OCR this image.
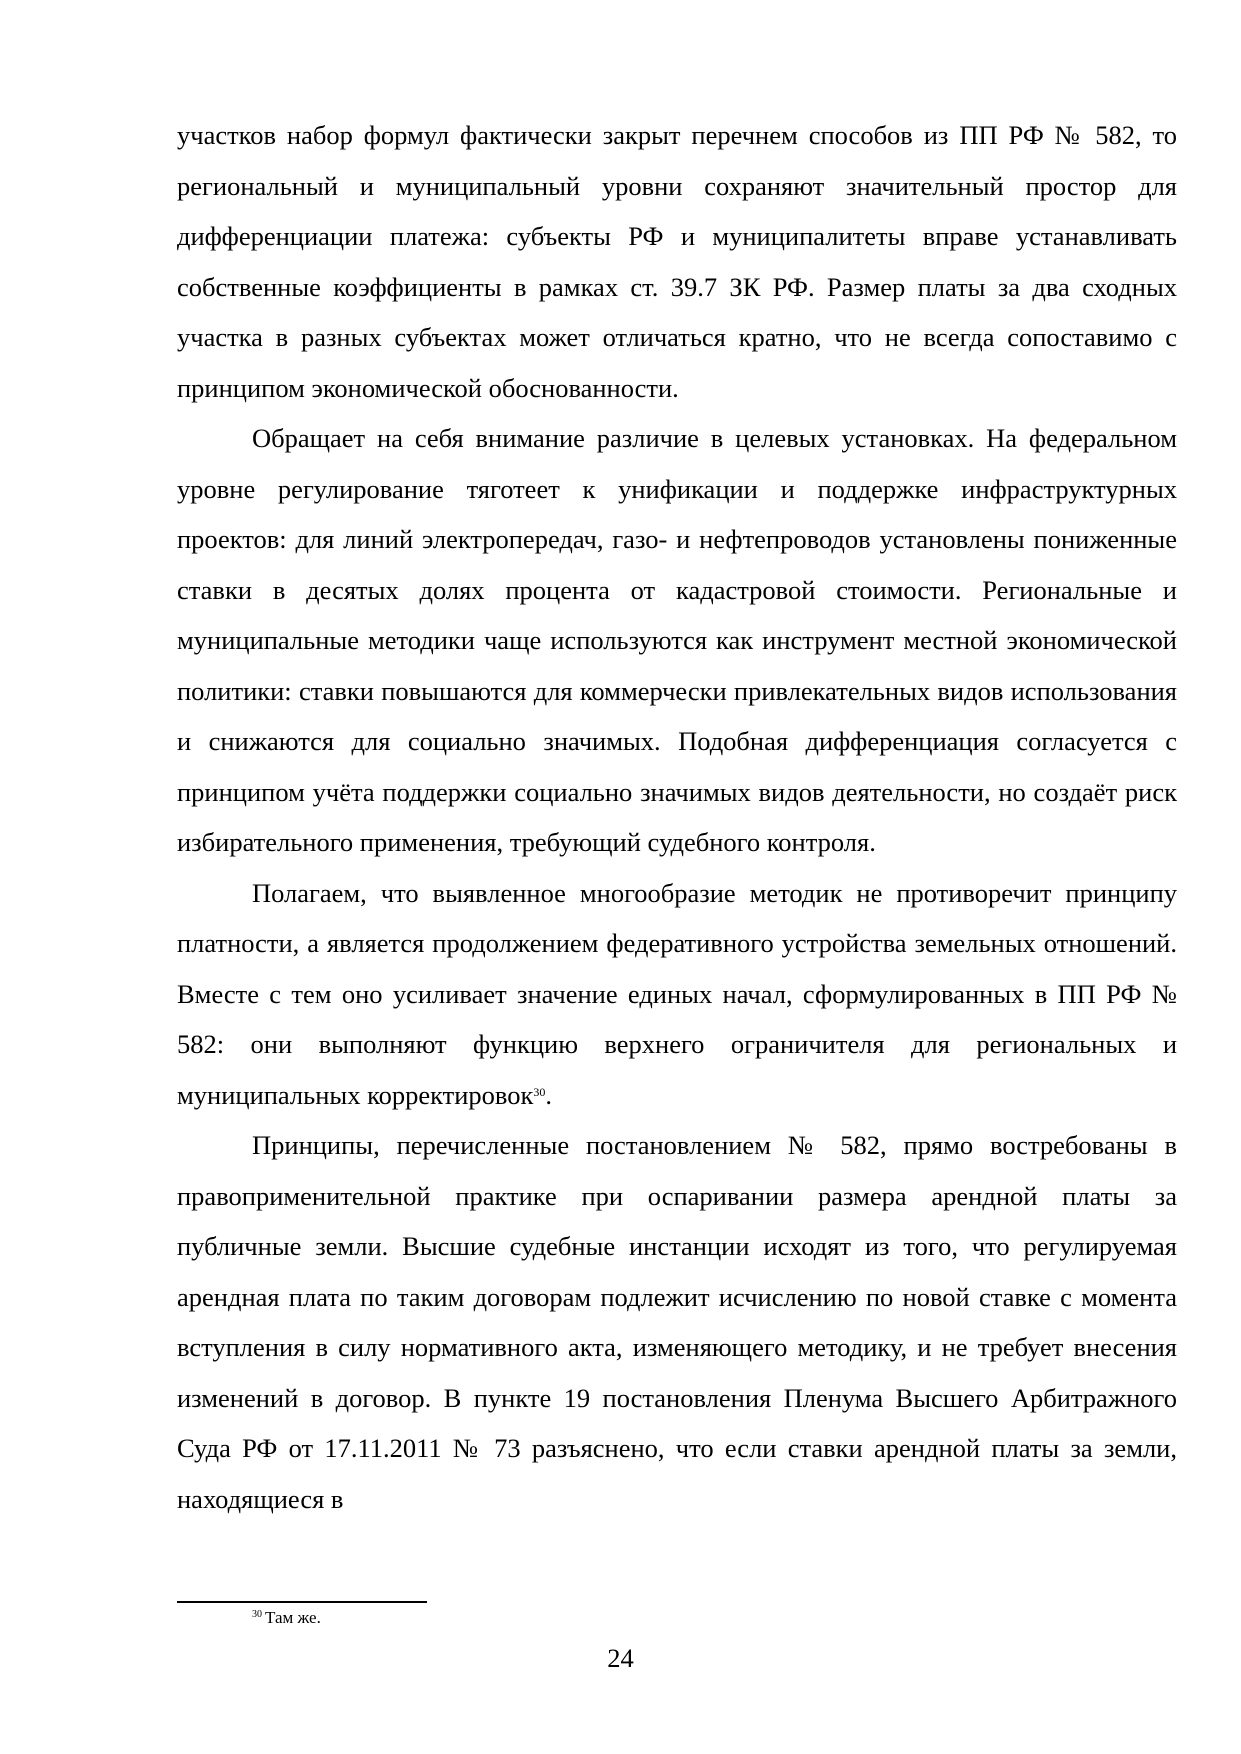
участков набор формул фактически закрыт перечнем способов из ПП РФ № 582, то региональный и муниципальный уровни сохраняют значительный простор для дифференциации платежа: субъекты РФ и муниципалитеты вправе устанавливать собственные коэффициенты в рамках ст. 39.7 ЗК РФ. Размер платы за два сходных участка в разных субъектах может отличаться кратно, что не всегда сопоставимо с принципом экономической обоснованности.

Обращает на себя внимание различие в целевых установках. На федеральном уровне регулирование тяготеет к унификации и поддержке инфраструктурных проектов: для линий электропередач, газо- и нефтепроводов установлены пониженные ставки в десятых долях процента от кадастровой стоимости. Региональные и муниципальные методики чаще используются как инструмент местной экономической политики: ставки повышаются для коммерчески привлекательных видов использования и снижаются для социально значимых. Подобная дифференциация согласуется с принципом учёта поддержки социально значимых видов деятельности, но создаёт риск избирательного применения, требующий судебного контроля.

Полагаем, что выявленное многообразие методик не противоречит принципу платности, а является продолжением федеративного устройства земельных отношений. Вместе с тем оно усиливает значение единых начал, сформулированных в ПП РФ № 582: они выполняют функцию верхнего ограничителя для региональных и муниципальных корректировок$^{30}$.

Принципы, перечисленные постановлением № 582, прямо востребованы в правоприменительной практике при оспаривании размера арендной платы за публичные земли. Высшие судебные инстанции исходят из того, что регулируемая арендная плата по таким договорам подлежит исчислению по новой ставке с момента вступления в силу нормативного акта, изменяющего методику, и не требует внесения изменений в договор. В пункте 19 постановления Пленума Высшего Арбитражного Суда РФ от 17.11.2011 № 73 разъяснено, что если ставки арендной платы за земли, находящиеся в

$^{30}$ Там же.
24
